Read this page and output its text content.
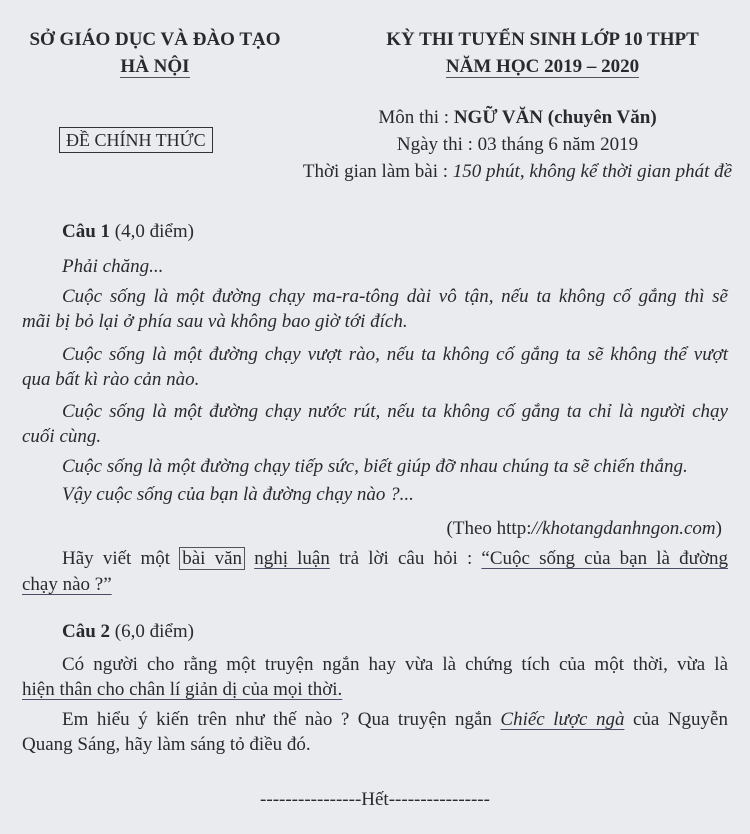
SỞ GIÁO DỤC VÀ ĐÀO TẠO
HÀ NỘI
KỲ THI TUYỂN SINH LỚP 10 THPT
NĂM HỌC 2019 – 2020
ĐỀ CHÍNH THỨC
Môn thi : NGỮ VĂN (chuyên Văn)
Ngày thi : 03 tháng 6 năm 2019
Thời gian làm bài : 150 phút, không kể thời gian phát đề
Câu 1 (4,0 điểm)
Phải chăng...
Cuộc sống là một đường chạy ma-ra-tông dài vô tận, nếu ta không cố gắng thì sẽ
mãi bị bỏ lại ở phía sau và không bao giờ tới đích.
Cuộc sống là một đường chạy vượt rào, nếu ta không cố gắng ta sẽ không thể vượt
qua bất kì rào cản nào.
Cuộc sống là một đường chạy nước rút, nếu ta không cố gắng ta chỉ là người chạy
cuối cùng.
Cuộc sống là một đường chạy tiếp sức, biết giúp đỡ nhau chúng ta sẽ chiến thắng.
Vậy cuộc sống của bạn là đường chạy nào ?...
(Theo http://khotangdanhngon.com)
Hãy viết một bài văn nghị luận trả lời câu hỏi : “Cuộc sống của bạn là đường
chạy nào ?”
Câu 2 (6,0 điểm)
Có người cho rằng một truyện ngắn hay vừa là chứng tích của một thời, vừa là
hiện thân cho chân lí giản dị của mọi thời.
Em hiểu ý kiến trên như thế nào ? Qua truyện ngắn Chiếc lược ngà của Nguyễn
Quang Sáng, hãy làm sáng tỏ điều đó.
----------------Hết----------------
